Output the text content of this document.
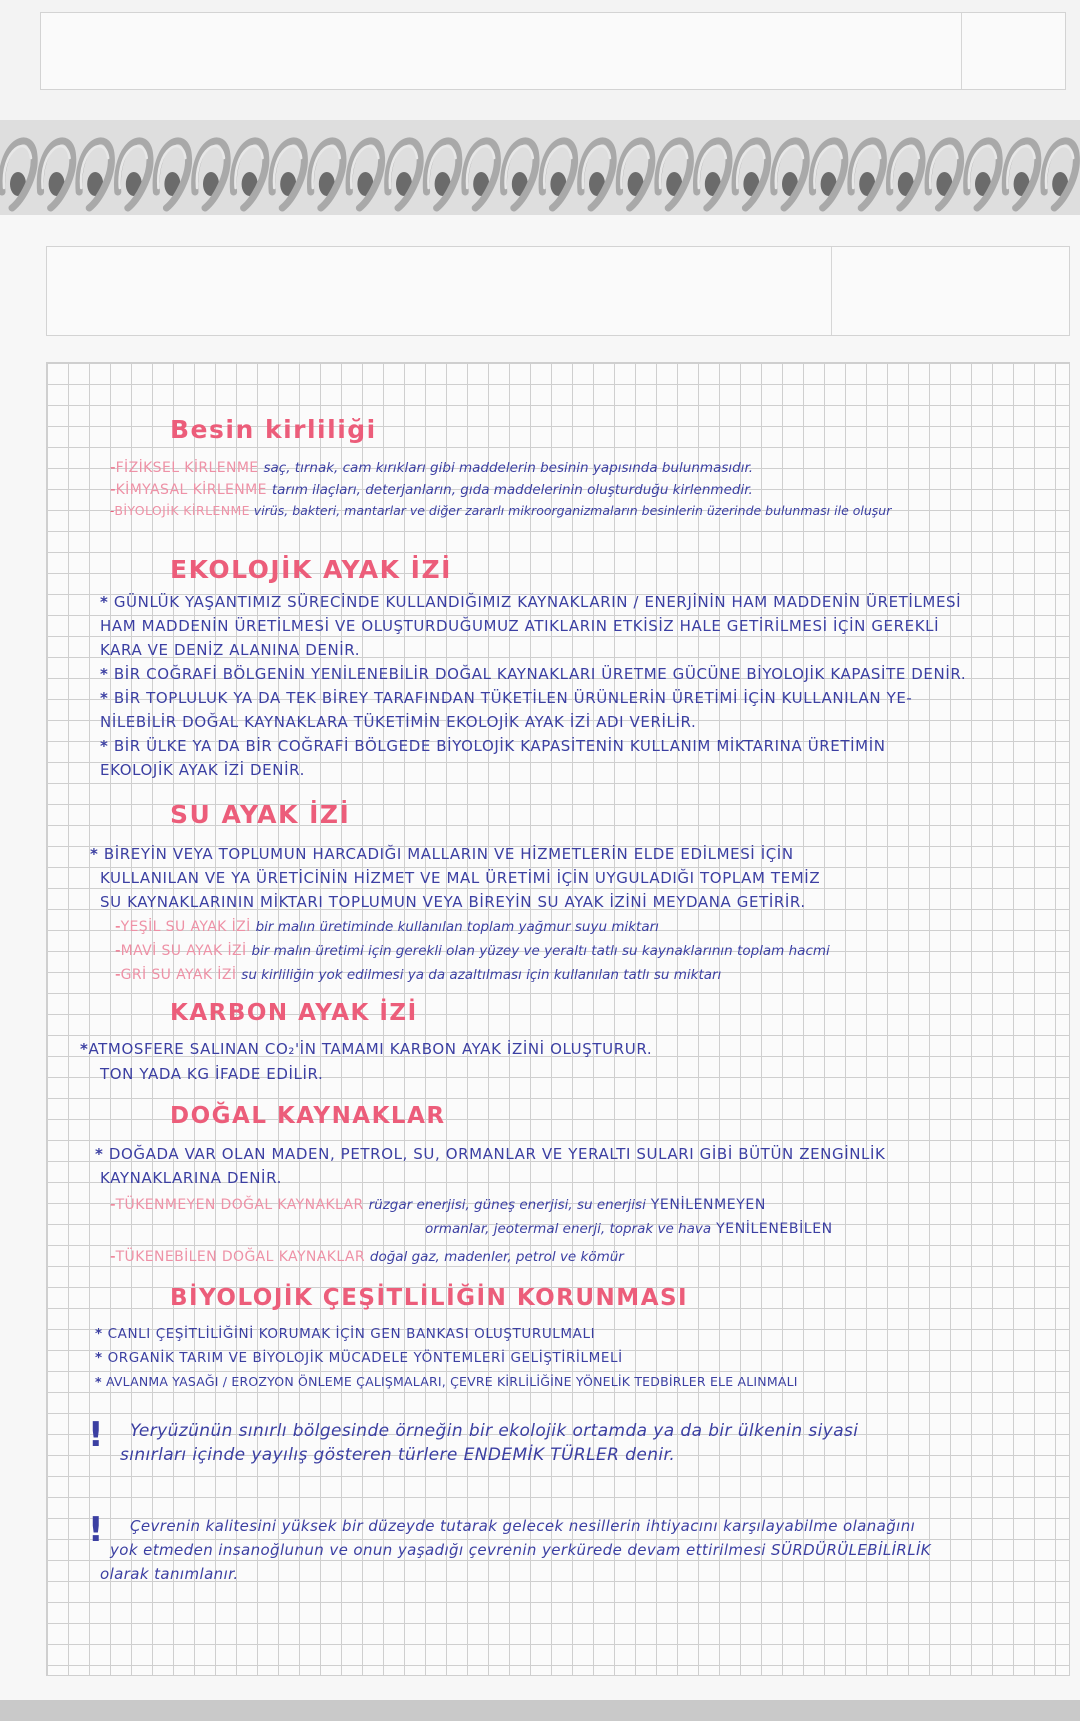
Besin kirliliği
-FİZİKSEL KİRLENME saç, tırnak, cam kırıkları gibi maddelerin besinin yapısında bulunmasıdır.
-KİMYASAL KİRLENME tarım ilaçları, deterjanların, gıda maddelerinin oluşturduğu kirlenmedir.
-BİYOLOJİK KİRLENME virüs, bakteri, mantarlar ve diğer zararlı mikroorganizmaların besinlerin üzerinde bulunması ile oluşur
EKOLOJİK AYAK İZİ
* GÜNLÜK YAŞANTIMIZ SÜRECİNDE KULLANDIĞIMIZ KAYNAKLARIN / ENERJİNİN HAM MADDENİN ÜRETİLMESİ
HAM MADDENİN ÜRETİLMESİ VE OLUŞTURDUĞUMUZ ATIKLARIN ETKİSİZ HALE GETİRİLMESİ İÇİN GEREKLİ
KARA VE DENİZ ALANINA DENİR.
* BİR COĞRAFİ BÖLGENİN YENİLENEBİLİR DOĞAL KAYNAKLARI ÜRETME GÜCÜNE BİYOLOJİK KAPASİTE DENİR.
* BİR TOPLULUK YA DA TEK BİREY TARAFINDAN TÜKETİLEN ÜRÜNLERİN ÜRETİMİ İÇİN KULLANILAN YE-
NİLEBİLİR DOĞAL KAYNAKLARA TÜKETİMİN EKOLOJİK AYAK İZİ ADI VERİLİR.
* BİR ÜLKE YA DA BİR COĞRAFİ BÖLGEDE BİYOLOJİK KAPASİTENİN KULLANIM MİKTARINA ÜRETİMİN
EKOLOJİK AYAK İZİ DENİR.
SU AYAK İZİ
* BİREYİN VEYA TOPLUMUN HARCADIĞI MALLARIN VE HİZMETLERİN ELDE EDİLMESİ İÇİN
KULLANILAN VE YA ÜRETİCİNİN HİZMET VE MAL ÜRETİMİ İÇİN UYGULADIĞI TOPLAM TEMİZ
SU KAYNAKLARININ MİKTARI TOPLUMUN VEYA BİREYİN SU AYAK İZİNİ MEYDANA GETİRİR.
-YEŞİL SU AYAK İZİ bir malın üretiminde kullanılan toplam yağmur suyu miktarı
-MAVİ SU AYAK İZİ bir malın üretimi için gerekli olan yüzey ve yeraltı tatlı su kaynaklarının toplam hacmi
-GRİ SU AYAK İZİ su kirliliğin yok edilmesi ya da azaltılması için kullanılan tatlı su miktarı
KARBON AYAK İZİ
*ATMOSFERE SALINAN CO₂'İN TAMAMI KARBON AYAK İZİNİ OLUŞTURUR.
TON YADA KG İFADE EDİLİR.
DOĞAL KAYNAKLAR
* DOĞADA VAR OLAN MADEN, PETROL, SU, ORMANLAR VE YERALTI SULARI GİBİ BÜTÜN ZENGİNLİK
KAYNAKLARINA DENİR.
-TÜKENMEYEN DOĞAL KAYNAKLAR rüzgar enerjisi, güneş enerjisi, su enerjisi YENİLENMEYEN
ormanlar, jeotermal enerji, toprak ve hava YENİLENEBİLEN
-TÜKENEBİLEN DOĞAL KAYNAKLAR doğal gaz, madenler, petrol ve kömür
BİYOLOJİK ÇEŞİTLİLİĞİN KORUNMASI
* CANLI ÇEŞİTLİLİĞİNİ KORUMAK İÇİN GEN BANKASI OLUŞTURULMALI
* ORGANİK TARIM VE BİYOLOJİK MÜCADELE YÖNTEMLERİ GELİŞTİRİLMELİ
* AVLANMA YASAĞI / EROZYON ÖNLEME ÇALIŞMALARI, ÇEVRE KİRLİLİĞİNE YÖNELİK TEDBİRLER ELE ALINMALI
! Yeryüzünün sınırlı bölgesinde örneğin bir ekolojik ortamda ya da bir ülkenin siyasi
sınırları içinde yayılış gösteren türlere ENDEMİK TÜRLER denir.
! Çevrenin kalitesini yüksek bir düzeyde tutarak gelecek nesillerin ihtiyacını karşılayabilme olanağını
yok etmeden insanoğlunun ve onun yaşadığı çevrenin yerkürede devam ettirilmesi SÜRDÜRÜLEBİLİRLİK
olarak tanımlanır.
